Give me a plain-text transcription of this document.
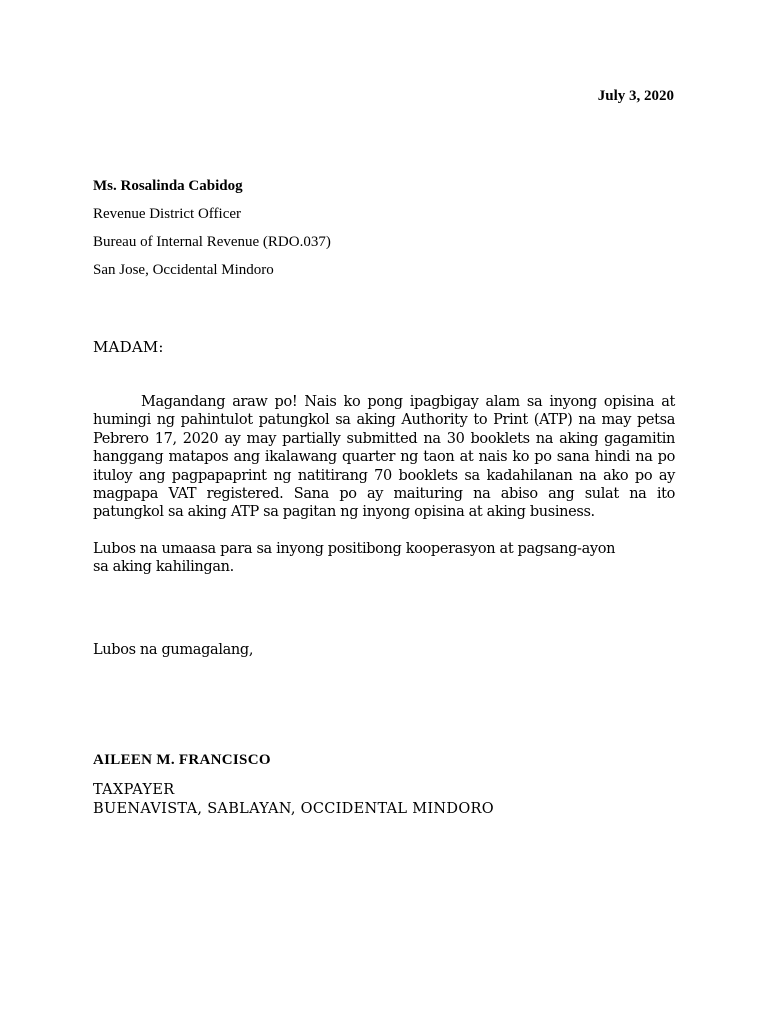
July 3, 2020
Ms. Rosalinda Cabidog
Revenue District Officer
Bureau of Internal Revenue (RDO.037)
San Jose, Occidental Mindoro
MADAM:
Magandang araw po! Nais ko pong ipagbigay alam sa inyong opisina at humingi ng pahintulot patungkol sa aking Authority to Print (ATP) na may petsa Pebrero 17, 2020 ay may partially submitted na 30 booklets na aking gagamitin hanggang matapos ang ikalawang quarter ng taon at nais ko po sana hindi na po ituloy ang pagpapaprint ng natitirang 70 booklets sa kadahilanan na ako po ay magpapa VAT registered. Sana po ay maituring na abiso ang sulat na ito patungkol sa aking ATP sa pagitan ng inyong opisina at aking business.
Lubos na umaasa para sa inyong positibong kooperasyon at pagsang-ayon sa aking kahilingan.
Lubos na gumagalang,
AILEEN M. FRANCISCO
TAXPAYER
BUENAVISTA, SABLAYAN, OCCIDENTAL MINDORO
